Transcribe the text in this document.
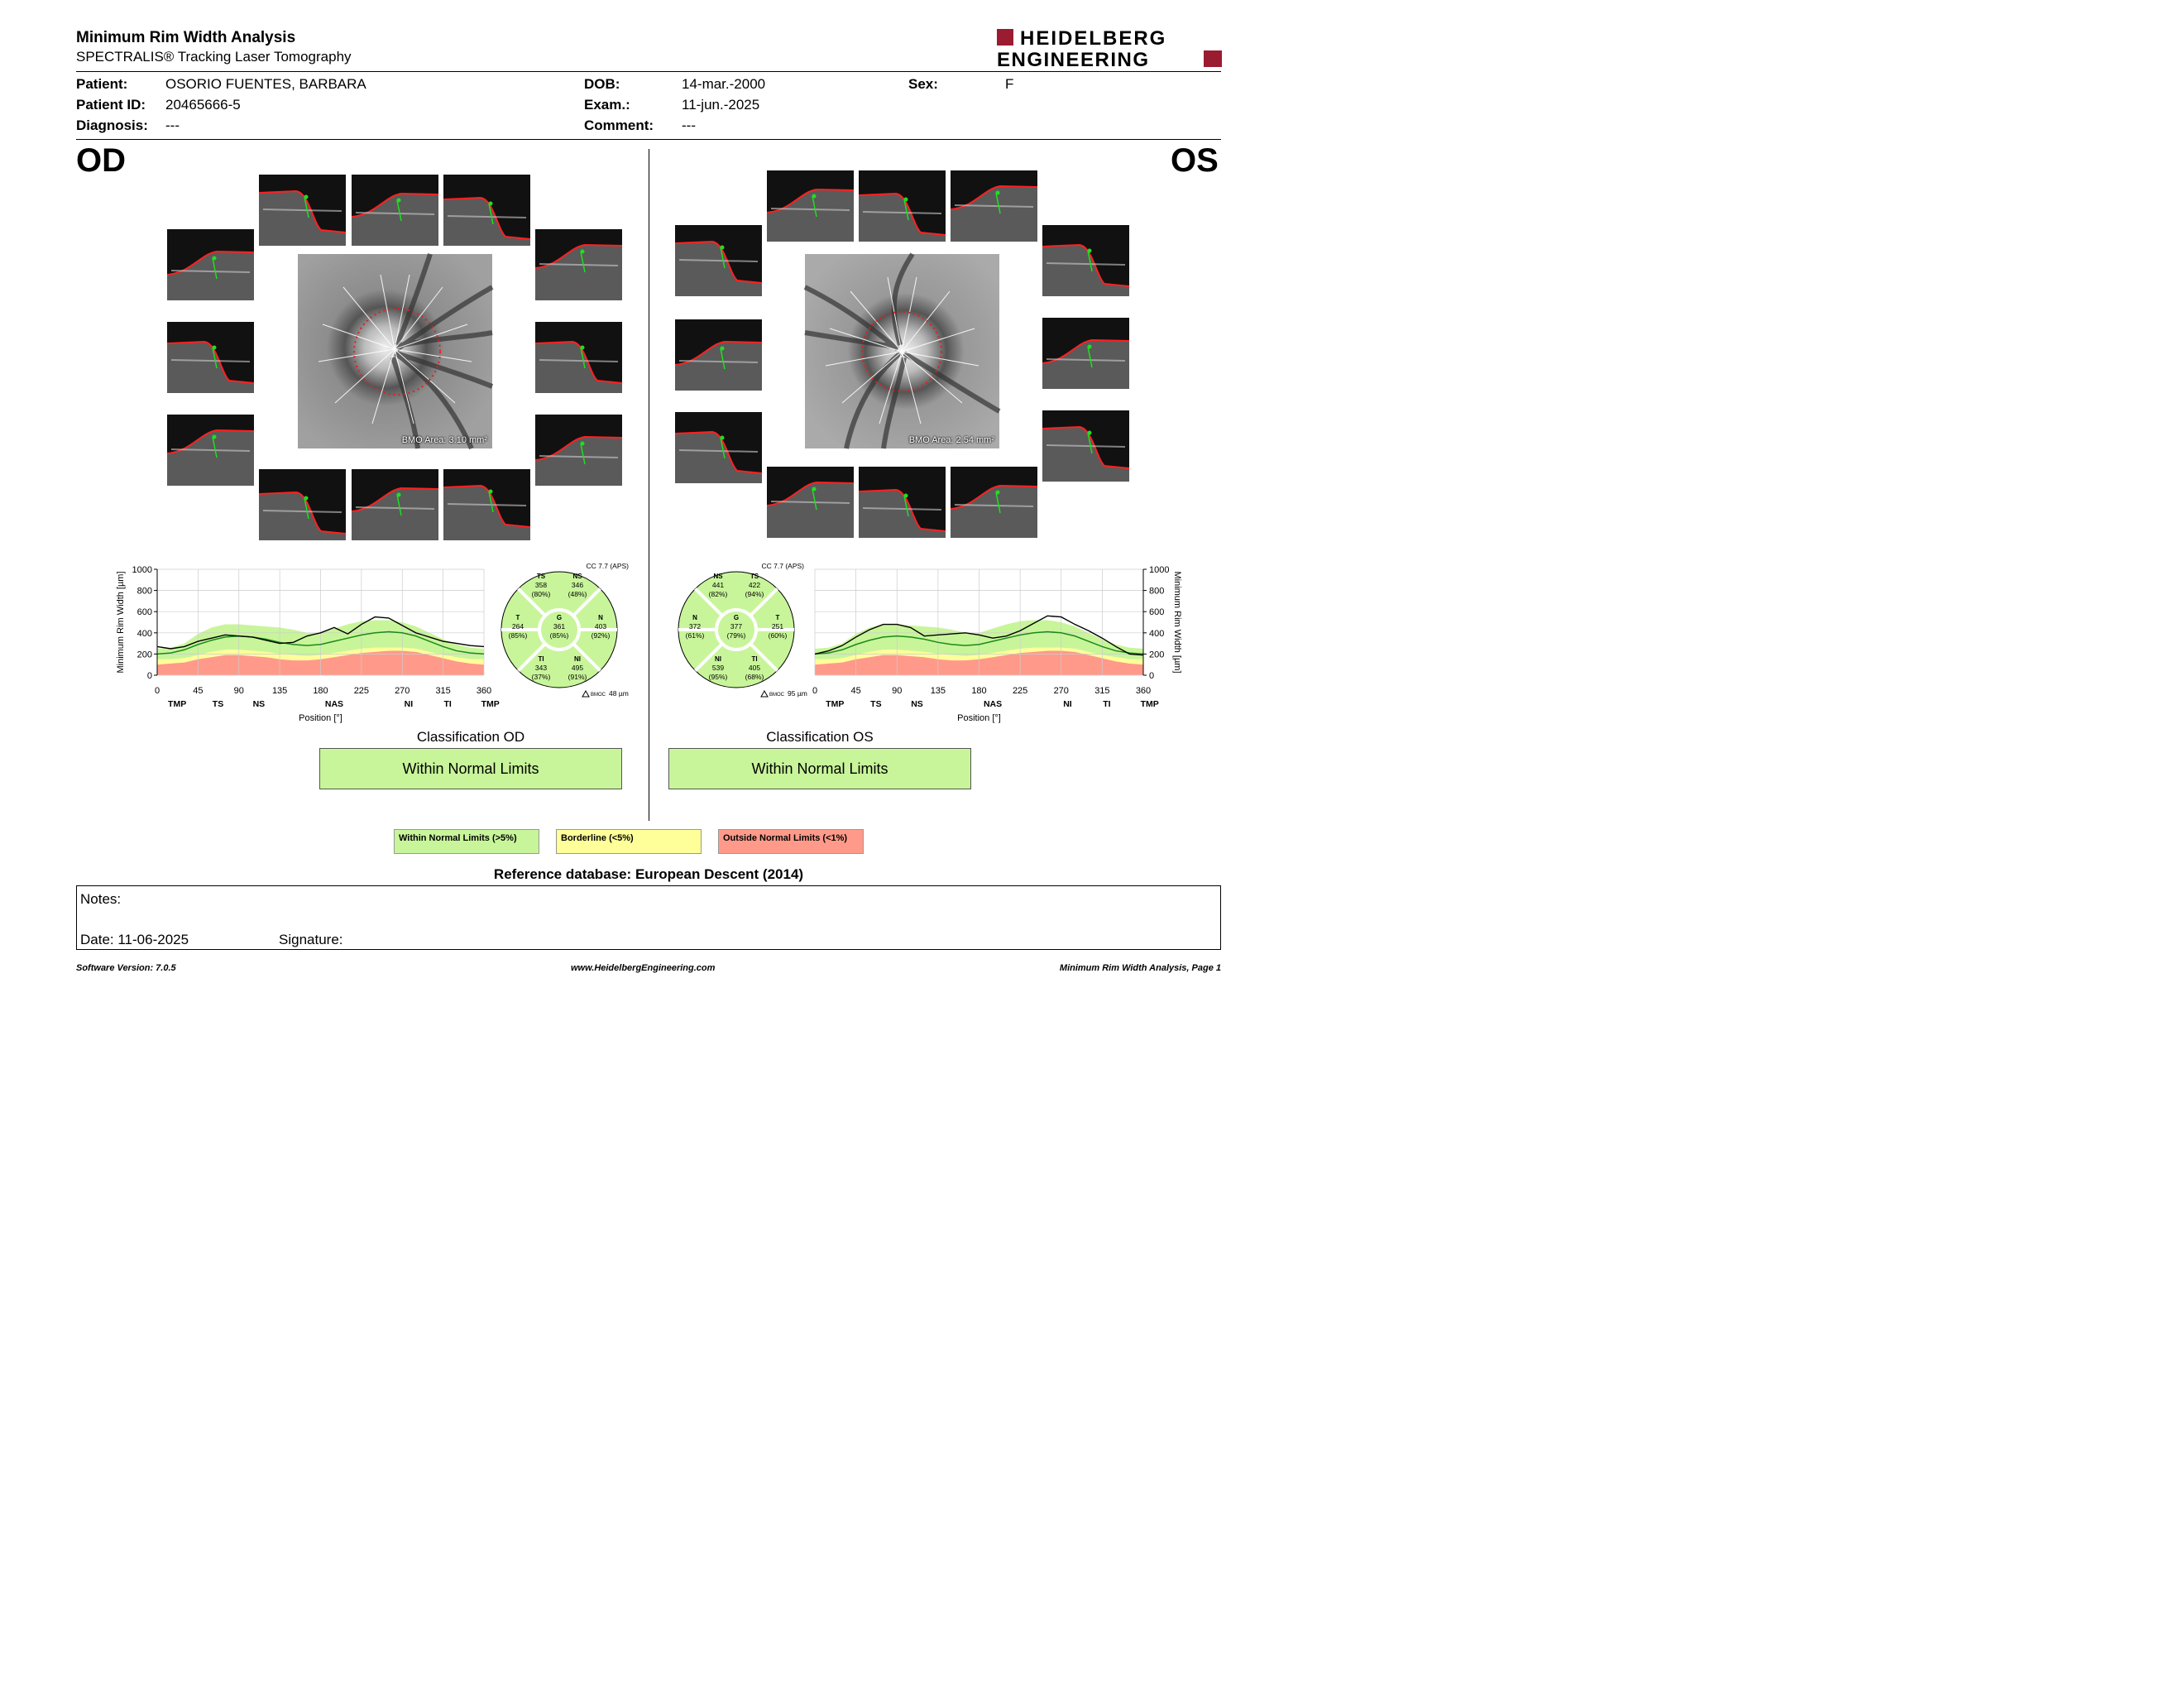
Minimum Rim Width Analysis
SPECTRALIS® Tracking Laser Tomography
HEIDELBERG
ENGINEERING
Patient:	OSORIO FUENTES, BARBARA
Patient ID: 20465666-5
Diagnosis: ---
DOB:	14-mar.-2000
Exam.:	11-jun.-2025
Comment: ---
Sex:	F
OD	OS
BMO Area: 3.10 mm²	BMO Area: 2.54 mm²
0
200
400
600
800
1000
0	45	90	135	180	225	270	315	360
TMP	TS	NS	NAS	NI	TI	TMP
Position [°]
Minimum Rim Width [µm]
0
200
400
600
800
1000
0	45	90	135	180	225	270	315	360
TMP	TS	NS	NAS	NI	TI	TMP
Position [°]
Minimum Rim Width [µm]
TS
358
(80%)
NS
346
(48%)
T
264
(85%)
G
361
(85%)
N
403
(92%)
TI
343
(37%)
NI
495
(91%)
CC 7.7 (APS)
BMOC 48 µm
NS
441
(82%)
TS
422
(94%)
N
372
(61%)
G
377
(79%)
T
251
(60%)
NI
539
(95%)
TI
405
(68%)
CC 7.7 (APS)
BMOC 95 µm
Classification OD
Within Normal Limits
Classification OS
Within Normal Limits
Within Normal Limits (>5%)	Borderline (<5%)	Outside Normal Limits (<1%)
Reference database: European Descent (2014)
Notes:
Date: 11-06-2025	Signature:
Software Version: 7.0.5	www.HeidelbergEngineering.com	Minimum Rim Width Analysis, Page 1
